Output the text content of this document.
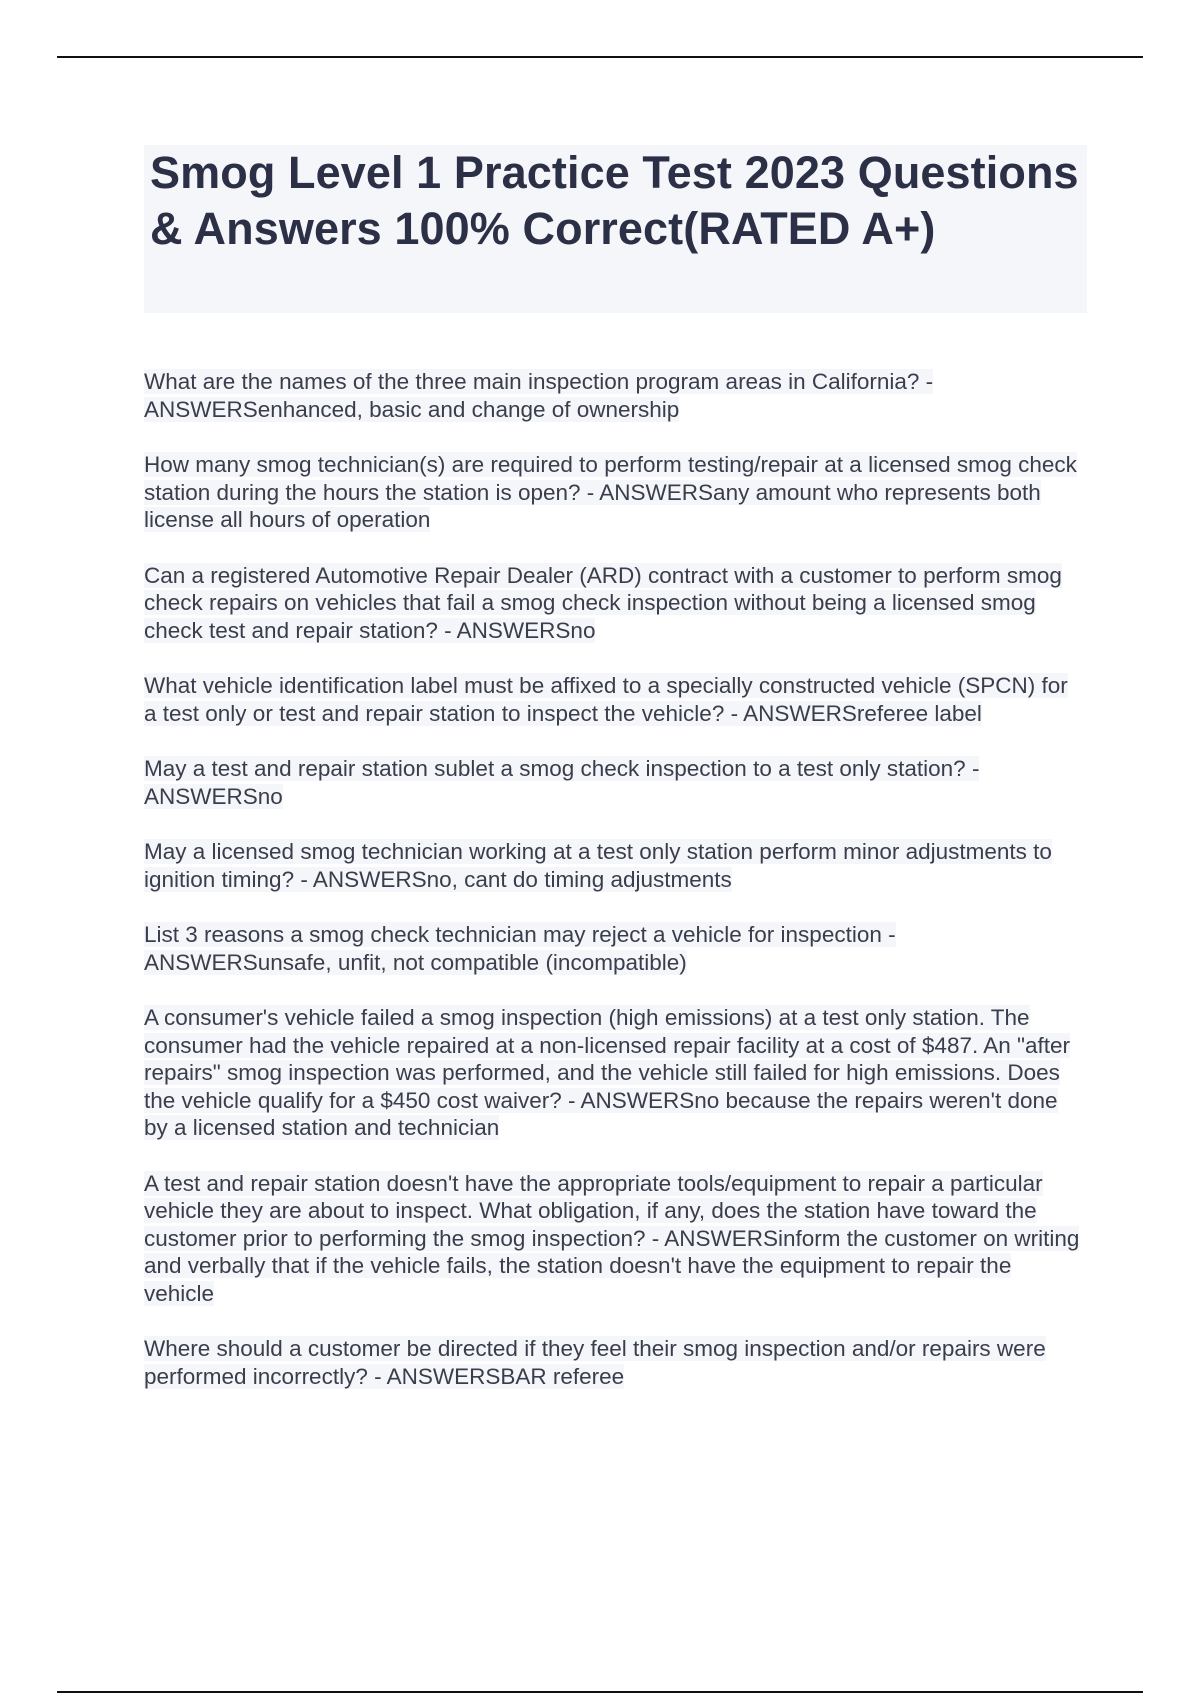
Smog Level 1 Practice Test 2023 Questions & Answers 100% Correct(RATED A+)

What are the names of the three main inspection program areas in California? - ANSWERSenhanced, basic and change of ownership

How many smog technician(s) are required to perform testing/repair at a licensed smog check station during the hours the station is open? - ANSWERSany amount who represents both license all hours of operation

Can a registered Automotive Repair Dealer (ARD) contract with a customer to perform smog check repairs on vehicles that fail a smog check inspection without being a licensed smog check test and repair station? - ANSWERSno

What vehicle identification label must be affixed to a specially constructed vehicle (SPCN) for a test only or test and repair station to inspect the vehicle? - ANSWERSreferee label

May a test and repair station sublet a smog check inspection to a test only station? - ANSWERSno

May a licensed smog technician working at a test only station perform minor adjustments to ignition timing? - ANSWERSno, cant do timing adjustments

List 3 reasons a smog check technician may reject a vehicle for inspection - ANSWERSunsafe, unfit, not compatible (incompatible)

A consumer's vehicle failed a smog inspection (high emissions) at a test only station. The consumer had the vehicle repaired at a non-licensed repair facility at a cost of $487. An "after repairs" smog inspection was performed, and the vehicle still failed for high emissions. Does the vehicle qualify for a $450 cost waiver? - ANSWERSno because the repairs weren't done by a licensed station and technician

A test and repair station doesn't have the appropriate tools/equipment to repair a particular vehicle they are about to inspect. What obligation, if any, does the station have toward the customer prior to performing the smog inspection? - ANSWERSinform the customer on writing and verbally that if the vehicle fails, the station doesn't have the equipment to repair the vehicle

Where should a customer be directed if they feel their smog inspection and/or repairs were performed incorrectly? - ANSWERSBAR referee
